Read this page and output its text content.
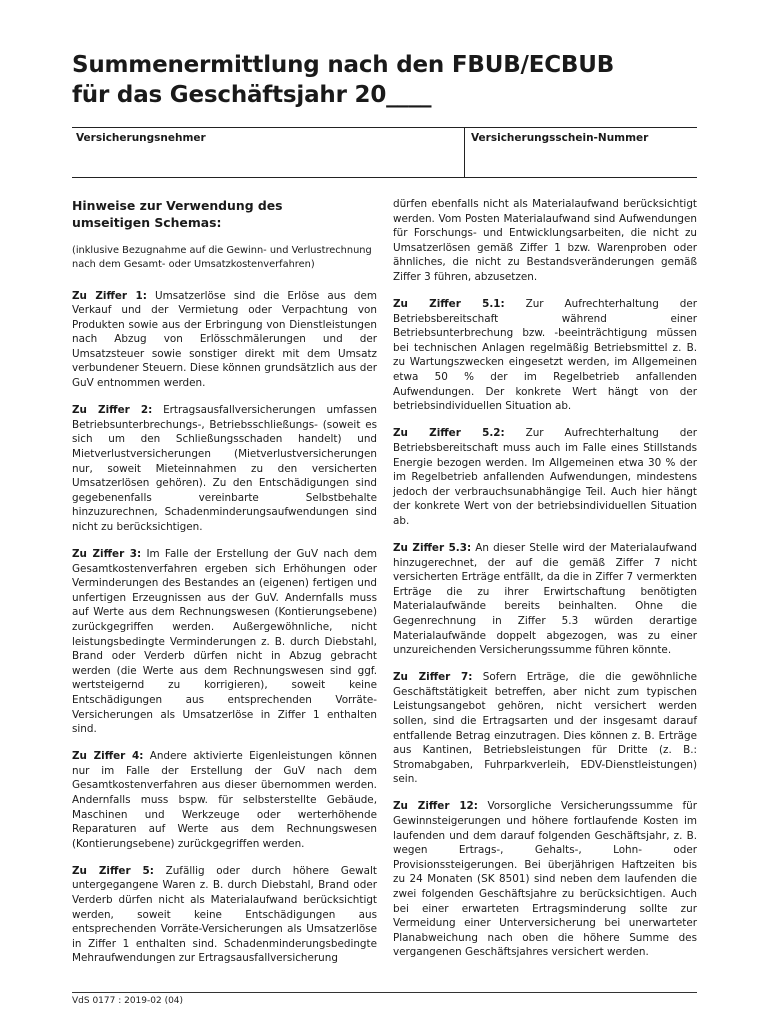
Summenermittlung nach den FBUB/ECBUB
für das Geschäftsjahr 20____
Versicherungsnehmer	Versicherungsschein-Nummer

Hinweise zur Verwendung des
umseitigen Schemas:

(inklusive Bezugnahme auf die Gewinn- und Verlustrechnung nach dem Gesamt- oder Umsatzkostenverfahren)

Zu Ziffer 1: Umsatzerlöse sind die Erlöse aus dem Verkauf und der Vermietung oder Verpachtung von Produkten sowie aus der Erbringung von Dienstleistungen nach Abzug von Erlösschmälerungen und der Umsatzsteuer sowie sonstiger direkt mit dem Umsatz verbundener Steuern. Diese können grundsätzlich aus der GuV entnommen werden.

Zu Ziffer 2: Ertragsausfallversicherungen umfassen Betriebsunterbrechungs-, Betriebsschließungs- (soweit es sich um den Schließungsschaden handelt) und Mietverlustversicherungen (Mietverlustversicherungen nur, soweit Mieteinnahmen zu den versicherten Umsatzerlösen gehören). Zu den Entschädigungen sind gegebenenfalls vereinbarte Selbstbehalte hinzuzurechnen, Schadenminderungsaufwendungen sind nicht zu berücksichtigen.

Zu Ziffer 3: Im Falle der Erstellung der GuV nach dem Gesamtkostenverfahren ergeben sich Erhöhungen oder Verminderungen des Bestandes an (eigenen) fertigen und unfertigen Erzeugnissen aus der GuV. Andernfalls muss auf Werte aus dem Rechnungswesen (Kontierungsebene) zurückgegriffen werden. Außergewöhnliche, nicht leistungsbedingte Verminderungen z. B. durch Diebstahl, Brand oder Verderb dürfen nicht in Abzug gebracht werden (die Werte aus dem Rechnungswesen sind ggf. wertsteigernd zu korrigieren), soweit keine Entschädigungen aus entsprechenden Vorräte-Versicherungen als Umsatzerlöse in Ziffer 1 enthalten sind.

Zu Ziffer 4: Andere aktivierte Eigenleistungen können nur im Falle der Erstellung der GuV nach dem Gesamtkostenverfahren aus dieser übernommen werden. Andernfalls muss bspw. für selbsterstellte Gebäude, Maschinen und Werkzeuge oder werterhöhende Reparaturen auf Werte aus dem Rechnungswesen (Kontierungsebene) zurückgegriffen werden.

Zu Ziffer 5: Zufällig oder durch höhere Gewalt untergegangene Waren z. B. durch Diebstahl, Brand oder Verderb dürfen nicht als Materialaufwand berücksichtigt werden, soweit keine Entschädigungen aus entsprechenden Vorräte-Versicherungen als Umsatzerlöse in Ziffer 1 enthalten sind. Schadenminderungsbedingte Mehraufwendungen zur Ertragsausfallversicherung

dürfen ebenfalls nicht als Materialaufwand berücksichtigt werden. Vom Posten Materialaufwand sind Aufwendungen für Forschungs- und Entwicklungsarbeiten, die nicht zu Umsatzerlösen gemäß Ziffer 1 bzw. Warenproben oder ähnliches, die nicht zu Bestandsveränderungen gemäß Ziffer 3 führen, abzusetzen.

Zu Ziffer 5.1: Zur Aufrechterhaltung der Betriebsbereitschaft während einer Betriebsunterbrechung bzw. -beeinträchtigung müssen bei technischen Anlagen regelmäßig Betriebsmittel z. B. zu Wartungszwecken eingesetzt werden, im Allgemeinen etwa 50 % der im Regelbetrieb anfallenden Aufwendungen. Der konkrete Wert hängt von der betriebsindividuellen Situation ab.

Zu Ziffer 5.2: Zur Aufrechterhaltung der Betriebsbereitschaft muss auch im Falle eines Stillstands Energie bezogen werden. Im Allgemeinen etwa 30 % der im Regelbetrieb anfallenden Aufwendungen, mindestens jedoch der verbrauchsunabhängige Teil. Auch hier hängt der konkrete Wert von der betriebsindividuellen Situation ab.

Zu Ziffer 5.3: An dieser Stelle wird der Materialaufwand hinzugerechnet, der auf die gemäß Ziffer 7 nicht versicherten Erträge entfällt, da die in Ziffer 7 vermerkten Erträge die zu ihrer Erwirtschaftung benötigten Materialaufwände bereits beinhalten. Ohne die Gegenrechnung in Ziffer 5.3 würden derartige Materialaufwände doppelt abgezogen, was zu einer unzureichenden Versicherungssumme führen könnte.

Zu Ziffer 7: Sofern Erträge, die die gewöhnliche Geschäftstätigkeit betreffen, aber nicht zum typischen Leistungsangebot gehören, nicht versichert werden sollen, sind die Ertragsarten und der insgesamt darauf entfallende Betrag einzutragen. Dies können z. B. Erträge aus Kantinen, Betriebsleistungen für Dritte (z. B.: Stromabgaben, Fuhrparkverleih, EDV-Dienstleistungen) sein.

Zu Ziffer 12: Vorsorgliche Versicherungssumme für Gewinnsteigerungen und höhere fortlaufende Kosten im laufenden und dem darauf folgenden Geschäftsjahr, z. B. wegen Ertrags-, Gehalts-, Lohn- oder Provisionssteigerungen. Bei überjährigen Haftzeiten bis zu 24 Monaten (SK 8501) sind neben dem laufenden die zwei folgenden Geschäftsjahre zu berücksichtigen. Auch bei einer erwarteten Ertragsminderung sollte zur Vermeidung einer Unterversicherung bei unerwarteter Planabweichung nach oben die höhere Summe des vergangenen Geschäftsjahres versichert werden.

VdS 0177 : 2019-02 (04)
